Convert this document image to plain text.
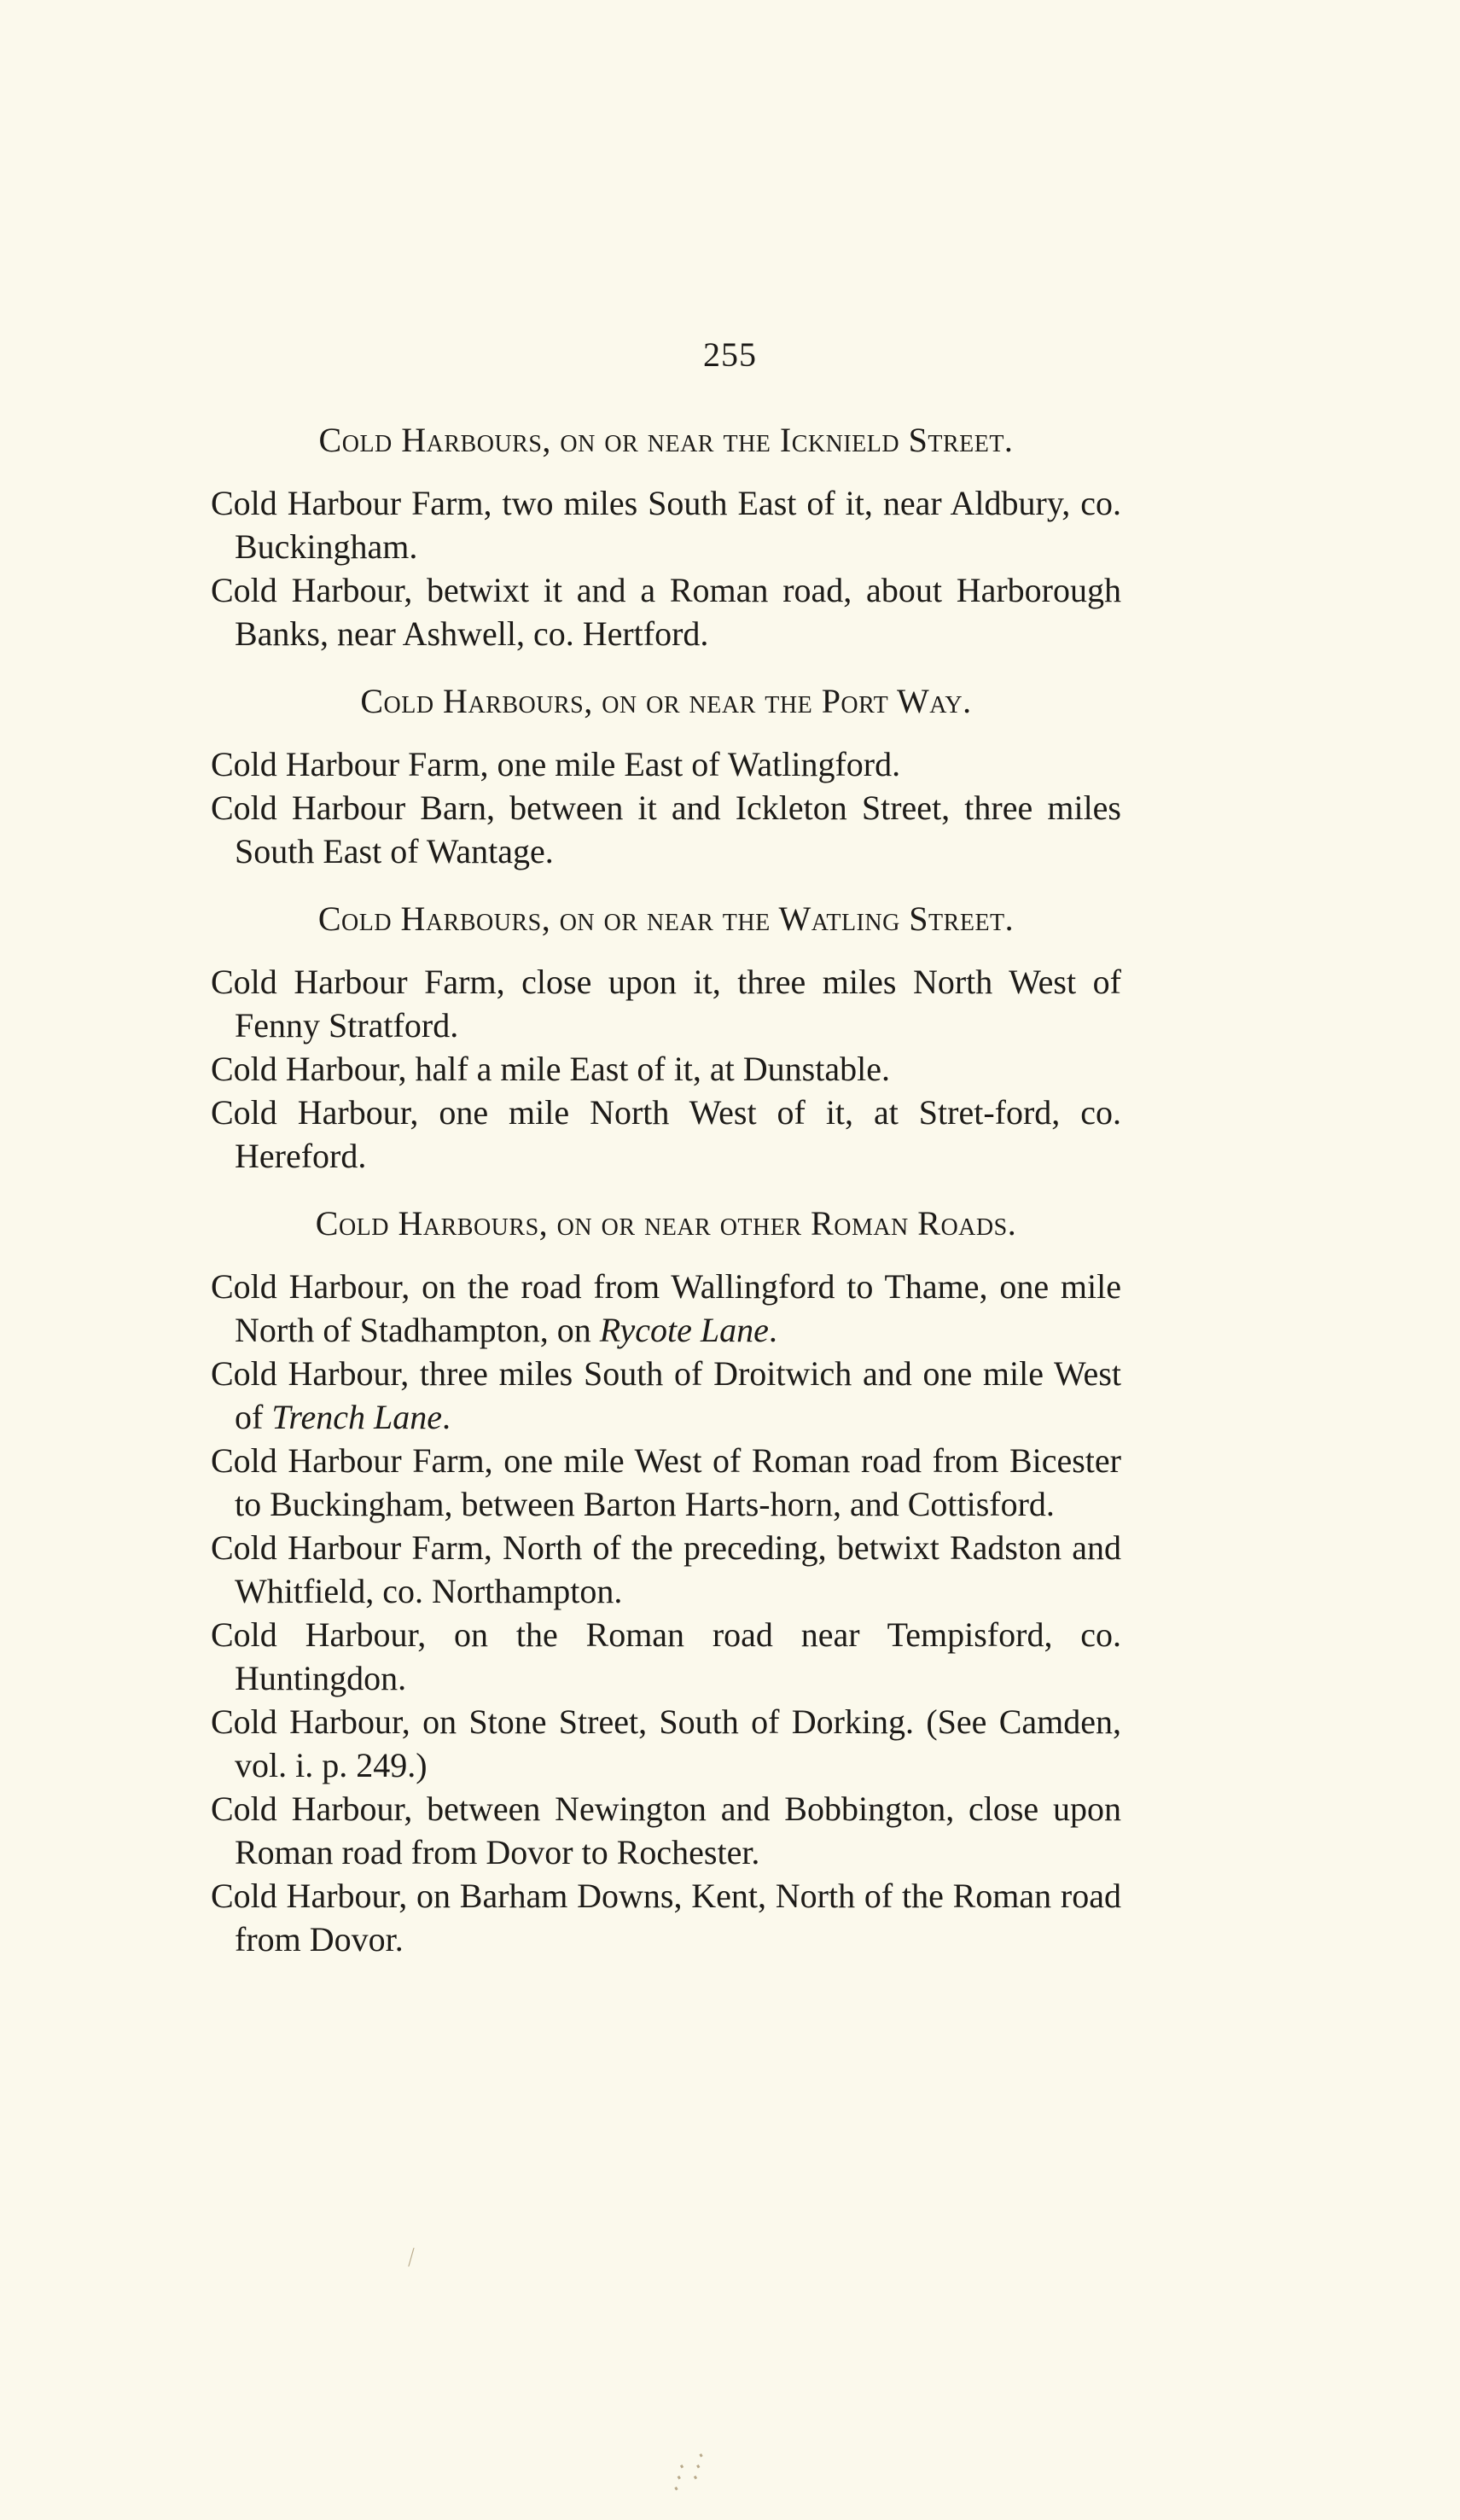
255
Cold Harbours, on or near the Icknield Street.

Cold Harbour Farm, two miles South East of it, near Aldbury, co. Buckingham.

Cold Harbour, betwixt it and a Roman road, about Harborough Banks, near Ashwell, co. Hertford.

Cold Harbours, on or near the Port Way.

Cold Harbour Farm, one mile East of Watlingford.

Cold Harbour Barn, between it and Ickleton Street, three miles South East of Wantage.

Cold Harbours, on or near the Watling Street.

Cold Harbour Farm, close upon it, three miles North West of Fenny Stratford.

Cold Harbour, half a mile East of it, at Dunstable.

Cold Harbour, one mile North West of it, at Stret-ford, co. Hereford.

Cold Harbours, on or near other Roman Roads.

Cold Harbour, on the road from Wallingford to Thame, one mile North of Stadhampton, on Rycote Lane.

Cold Harbour, three miles South of Droitwich and one mile West of Trench Lane.

Cold Harbour Farm, one mile West of Roman road from Bicester to Buckingham, between Barton Harts-horn, and Cottisford.

Cold Harbour Farm, North of the preceding, betwixt Radston and Whitfield, co. Northampton.

Cold Harbour, on the Roman road near Tempisford, co. Huntingdon.

Cold Harbour, on Stone Street, South of Dorking. (See Camden, vol. i. p. 249.)

Cold Harbour, between Newington and Bobbington, close upon Roman road from Dovor to Rochester.

Cold Harbour, on Barham Downs, Kent, North of the Roman road from Dovor.

⁄
⋰⋰
